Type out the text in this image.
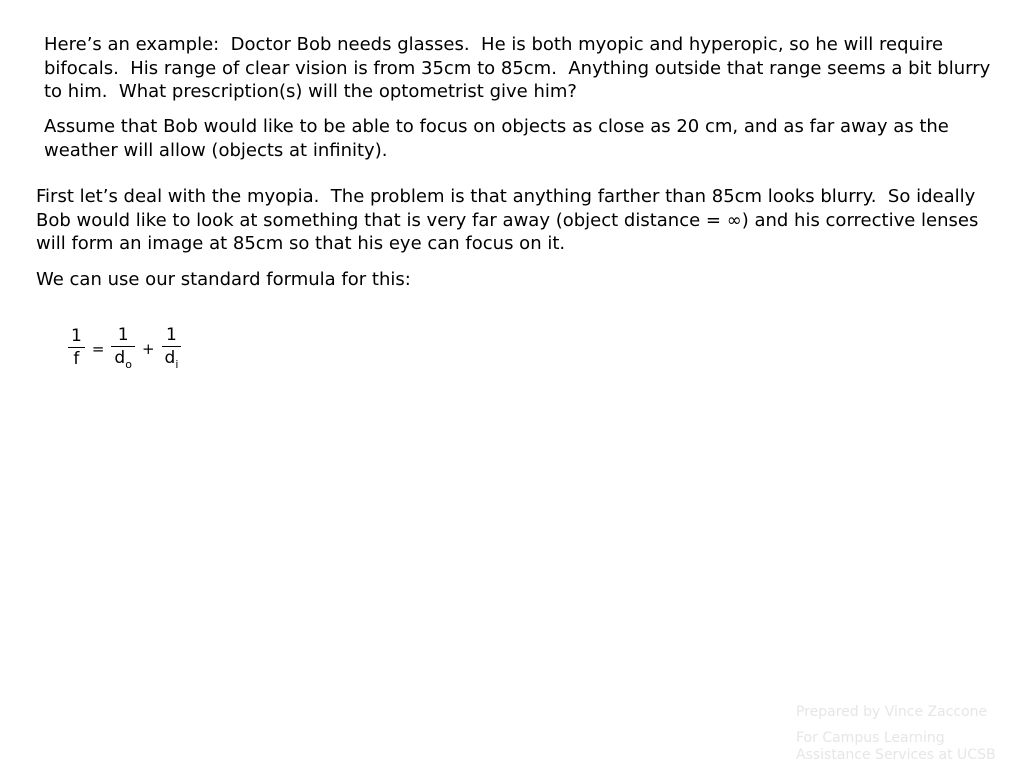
Here’s an example:  Doctor Bob needs glasses.  He is both myopic and hyperopic, so he will require bifocals.  His range of clear vision is from 35cm to 85cm.  Anything outside that range seems a bit blurry to him.  What prescription(s) will the optometrist give him?

Assume that Bob would like to be able to focus on objects as close as 20 cm, and as far away as the weather will allow (objects at infinity).

First let’s deal with the myopia.  The problem is that anything farther than 85cm looks blurry.  So ideally Bob would like to look at something that is very far away (object distance = ∞) and his corrective lenses will form an image at 85cm so that his eye can focus on it.

We can use our standard formula for this:

$\frac{1}{f} = \frac{1}{d_o} + \frac{1}{d_i}$

Prepared by Vince Zaccone

For Campus Learning Assistance Services at UCSB
